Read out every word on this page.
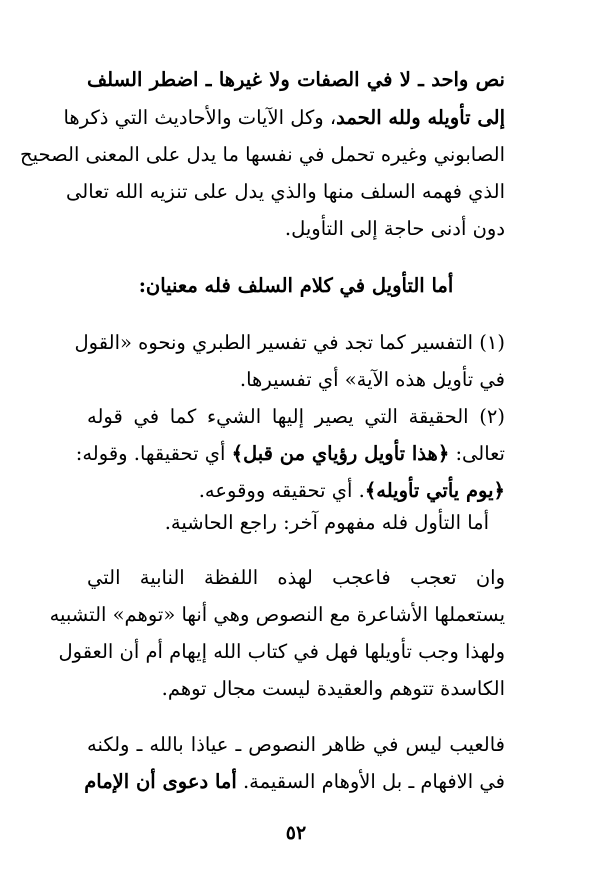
نص واحد ـ لا في الصفات ولا غيرها ـ اضطر السلف
إلى تأويله ولله الحمد، وكل الآيات والأحاديث التي ذكرها
الصابوني وغيره تحمل في نفسها ما يدل على المعنى الصحيح
الذي فهمه السلف منها والذي يدل على تنزيه الله تعالى
دون أدنى حاجة إلى التأويل.
أما التأويل في كلام السلف فله معنيان:
(١) التفسير كما تجد في تفسير الطبري ونحوه «القول
في تأويل هذه الآية» أي تفسيرها.
(٢) الحقيقة التي يصير إليها الشيء كما في قوله
تعالى: ﴿هذا تأويل رؤياي من قبل﴾ أي تحقيقها. وقوله:
﴿يوم يأتي تأويله﴾. أي تحقيقه ووقوعه.
أما التأول فله مفهوم آخر: راجع الحاشية.
وان تعجب فاعجب لهذه اللفظة النابية التي
يستعملها الأشاعرة مع النصوص وهي أنها «توهم» التشبيه
ولهذا وجب تأويلها فهل في كتاب الله إيهام أم أن العقول
الكاسدة تتوهم والعقيدة ليست مجال توهم.
فالعيب ليس في ظاهر النصوص ـ عياذا بالله ـ ولكنه
في الافهام ـ بل الأوهام السقيمة. أما دعوى أن الإمام
٥٢
